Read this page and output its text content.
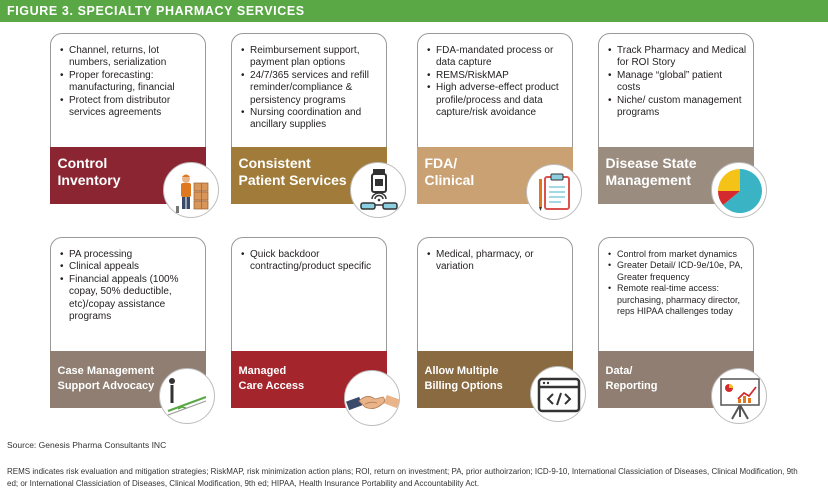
FIGURE 3. SPECIALTY PHARMACY SERVICES
• Channel, returns, lot numbers, serialization
• Proper forecasting: manufacturing, financial
• Protect from distributor services agreements
Control
Inventory
• Reimbursement support, payment plan options
• 24/7/365 services and refill reminder/compliance & persistency programs
• Nursing coordination and ancillary supplies
Consistent
Patient Services
• FDA-mandated process or data capture
• REMS/RiskMAP
• High adverse-effect product profile/process and data capture/risk avoidance
FDA/
Clinical
• Track Pharmacy and Medical for ROI Story
• Manage “global” patient costs
• Niche/ custom management programs
Disease State
Management
• PA processing
• Clinical appeals
• Financial appeals (100% copay, 50% deductible, etc)/copay assistance programs
Case Management
Support Advocacy
• Quick backdoor contracting/product specific
Managed
Care Access
• Medical, pharmacy, or variation
Allow Multiple
Billing Options
• Control from market dynamics
• Greater Detail/ ICD-9e/10e, PA, Greater frequency
• Remote real-time access: purchasing, pharmacy director, reps HIPAA challenges today
Data/
Reporting
Source: Genesis Pharma Consultants INC
REMS indicates risk evaluation and mitigation strategies; RiskMAP, risk minimization action plans; ROI, return on investment; PA, prior authoirzarion; ICD-9-10, International Classiciation of Diseases, Clinical Modification, 9th ed; or International Classiciation of Diseases, Clinical Modification, 9th ed; HIPAA, Health Insurance Portability and Accountability Act.
